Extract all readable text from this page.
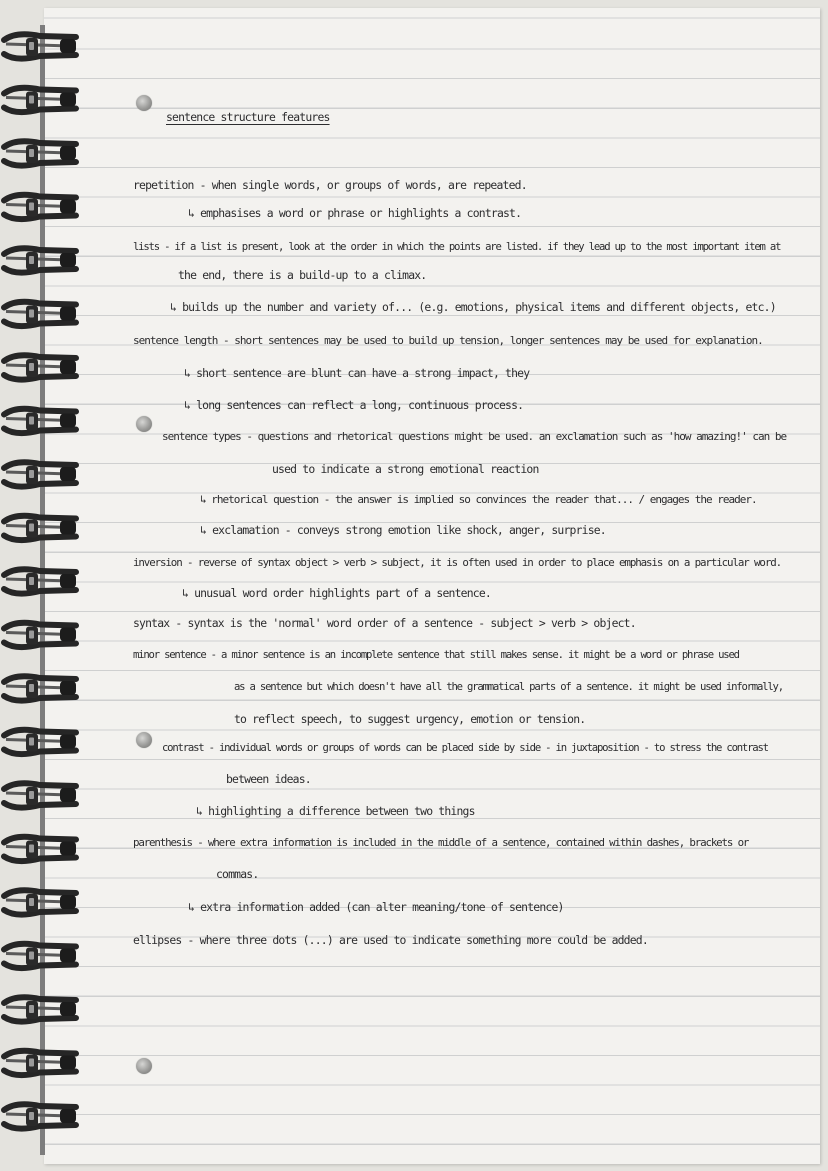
sentence structure features
repetition - when single words, or groups of words, are repeated.
↳ emphasises a word or phrase or highlights a contrast.
lists - if a list is present, look at the order in which the points are listed. if they lead up to the most important item at
the end, there is a build-up to a climax.
↳ builds up the number and variety of... (e.g. emotions, physical items and different objects, etc.)
sentence length - short sentences may be used to build up tension, longer sentences may be used for explanation.
↳ short sentence are blunt can have a strong impact, they
↳ long sentences can reflect a long, continuous process.
sentence types - questions and rhetorical questions might be used. an exclamation such as 'how amazing!' can be
used to indicate a strong emotional reaction
↳ rhetorical question - the answer is implied so convinces the reader that... / engages the reader.
↳ exclamation - conveys strong emotion like shock, anger, surprise.
inversion - reverse of syntax object > verb > subject, it is often used in order to place emphasis on a particular word.
↳ unusual word order highlights part of a sentence.
syntax - syntax is the 'normal' word order of a sentence - subject > verb > object.
minor sentence - a minor sentence is an incomplete sentence that still makes sense. it might be a word or phrase used
as a sentence but which doesn't have all the grammatical parts of a sentence. it might be used informally,
to reflect speech, to suggest urgency, emotion or tension.
contrast - individual words or groups of words can be placed side by side - in juxtaposition - to stress the contrast
between ideas.
↳ highlighting a difference between two things
parenthesis - where extra information is included in the middle of a sentence, contained within dashes, brackets or
commas.
↳ extra information added (can alter meaning/tone of sentence)
ellipses - where three dots (...) are used to indicate something more could be added.
